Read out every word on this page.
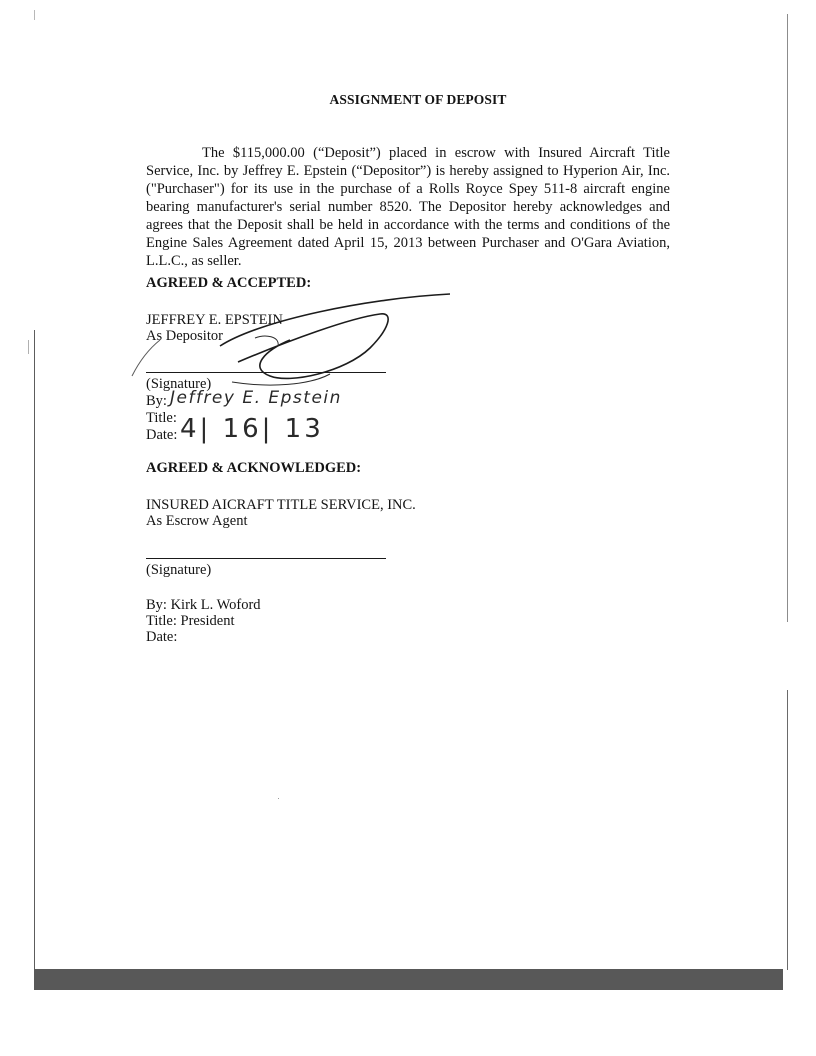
ASSIGNMENT OF DEPOSIT
The $115,000.00 (“Deposit”) placed in escrow with Insured Aircraft Title Service, Inc. by Jeffrey E. Epstein (“Depositor”) is hereby assigned to Hyperion Air, Inc. ("Purchaser") for its use in the purchase of a Rolls Royce Spey 511-8 aircraft engine bearing manufacturer's serial number 8520. The Depositor hereby acknowledges and agrees that the Deposit shall be held in accordance with the terms and conditions of the Engine Sales Agreement dated April 15, 2013 between Purchaser and O'Gara Aviation, L.L.C., as seller.
AGREED & ACCEPTED:
JEFFREY E. EPSTEIN
As Depositor
(Signature)
By: Jeffrey E. Epstein
Title:
Date: 4| 16| 13
AGREED & ACKNOWLEDGED:
INSURED AICRAFT TITLE SERVICE, INC.
As Escrow Agent
(Signature)
By: Kirk L. Woford
Title: President
Date:
